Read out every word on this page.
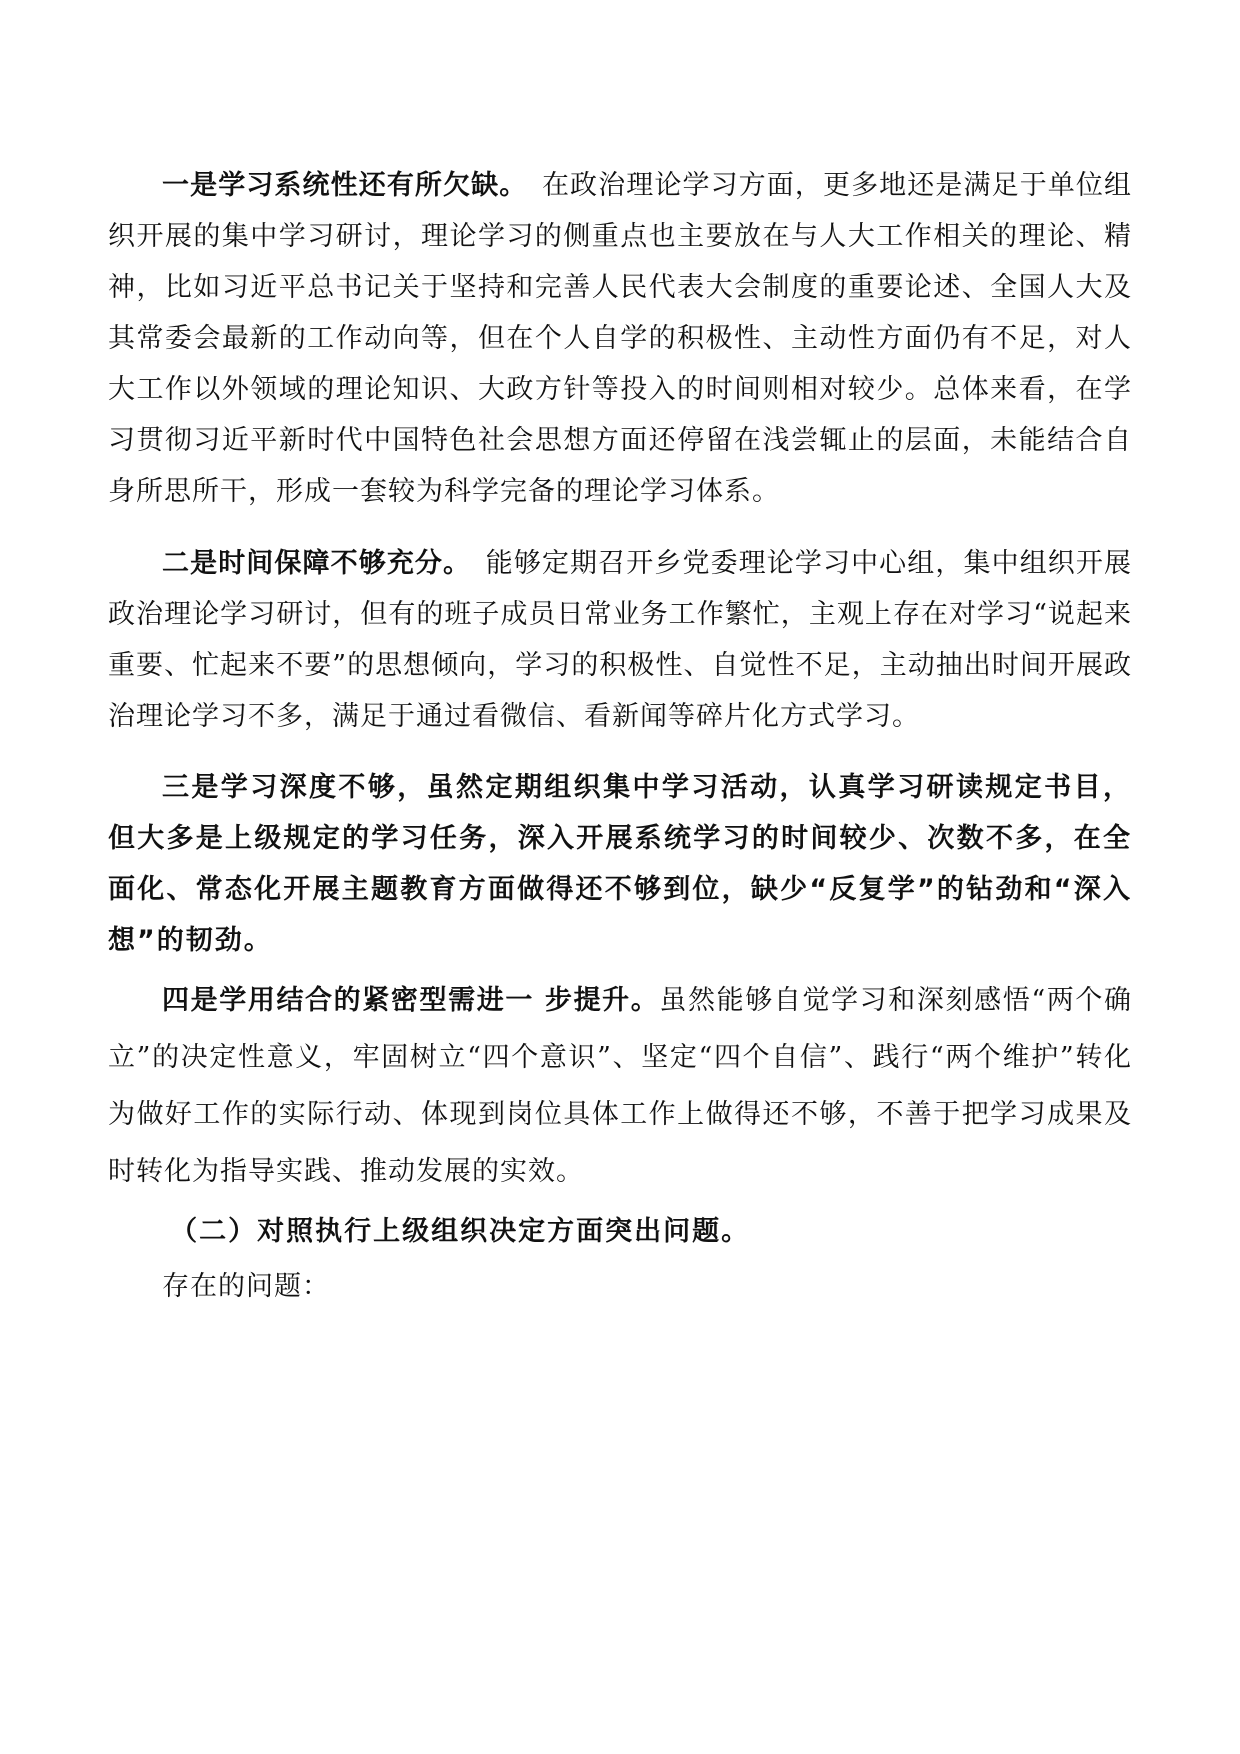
一是学习系统性还有所欠缺。　在政治理论学习方面，更多地还是满足于单位组织开展的集中学习研讨，理论学习的侧重点也主要放在与人大工作相关的理论、精神，比如习近平总书记关于坚持和完善人民代表大会制度的重要论述、全国人大及其常委会最新的工作动向等，但在个人自学的积极性、主动性方面仍有不足，对人大工作以外领域的理论知识、大政方针等投入的时间则相对较少。总体来看，在学习贯彻习近平新时代中国特色社会思想方面还停留在浅尝辄止的层面，未能结合自身所思所干，形成一套较为科学完备的理论学习体系。

二是时间保障不够充分。　能够定期召开乡党委理论学习中心组，集中组织开展政治理论学习研讨，但有的班子成员日常业务工作繁忙，主观上存在对学习“说起来重要、忙起来不要”的思想倾向，学习的积极性、自觉性不足，主动抽出时间开展政治理论学习不多，满足于通过看微信、看新闻等碎片化方式学习。

三是学习深度不够，虽然定期组织集中学习活动，认真学习研读规定书目，但大多是上级规定的学习任务，深入开展系统学习的时间较少、次数不多，在全面化、常态化开展主题教育方面做得还不够到位，缺少“反复学”的钻劲和“深入想”的韧劲。

四是学用结合的紧密型需进一 步提升。虽然能够自觉学习和深刻感悟“两个确立”的决定性意义，牢固树立“四个意识”、坚定“四个自信”、践行“两个维护”转化为做好工作的实际行动、体现到岗位具体工作上做得还不够，不善于把学习成果及时转化为指导实践、推动发展的实效。

（二）对照执行上级组织决定方面突出问题。

存在的问题：
